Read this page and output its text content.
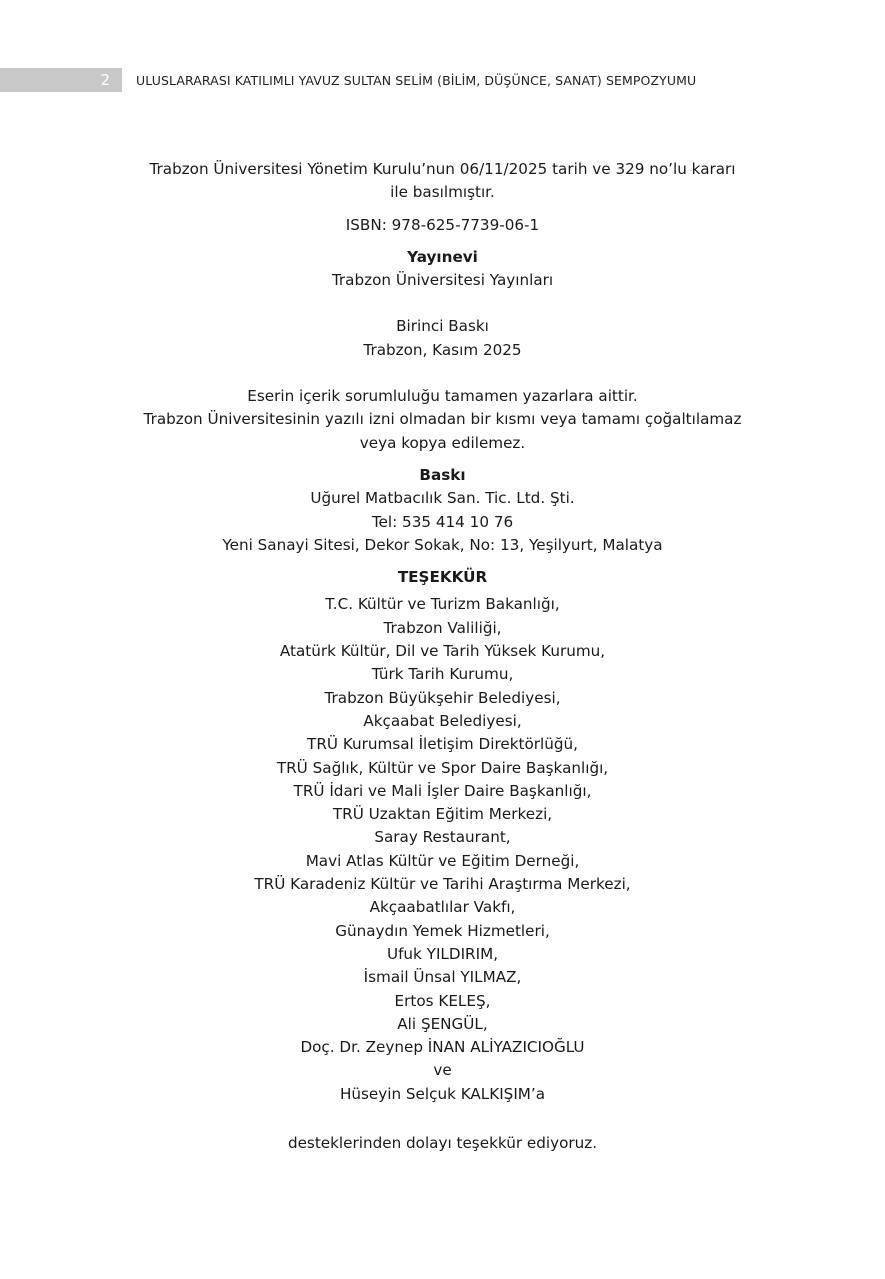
2 ULUSLARARASI KATILIMLI YAVUZ SULTAN SELİM (BİLİM, DÜŞÜNCE, SANAT) SEMPOZYUMU
Trabzon Üniversitesi Yönetim Kurulu’nun 06/11/2025 tarih ve 329 no’lu kararı
ile basılmıştır.
ISBN: 978-625-7739-06-1
Yayınevi
Trabzon Üniversitesi Yayınları
Birinci Baskı
Trabzon, Kasım 2025
Eserin içerik sorumluluğu tamamen yazarlara aittir.
Trabzon Üniversitesinin yazılı izni olmadan bir kısmı veya tamamı çoğaltılamaz
veya kopya edilemez.
Baskı
Uğurel Matbacılık San. Tic. Ltd. Şti.
Tel: 535 414 10 76
Yeni Sanayi Sitesi, Dekor Sokak, No: 13, Yeşilyurt, Malatya
TEŞEKKÜR
T.C. Kültür ve Turizm Bakanlığı,
Trabzon Valiliği,
Atatürk Kültür, Dil ve Tarih Yüksek Kurumu,
Türk Tarih Kurumu,
Trabzon Büyükşehir Belediyesi,
Akçaabat Belediyesi,
TRÜ Kurumsal İletişim Direktörlüğü,
TRÜ Sağlık, Kültür ve Spor Daire Başkanlığı,
TRÜ İdari ve Mali İşler Daire Başkanlığı,
TRÜ Uzaktan Eğitim Merkezi,
Saray Restaurant,
Mavi Atlas Kültür ve Eğitim Derneği,
TRÜ Karadeniz Kültür ve Tarihi Araştırma Merkezi,
Akçaabatlılar Vakfı,
Günaydın Yemek Hizmetleri,
Ufuk YILDIRIM,
İsmail Ünsal YILMAZ,
Ertos KELEŞ,
Ali ŞENGÜL,
Doç. Dr. Zeynep İNAN ALİYAZICIOĞLU
ve
Hüseyin Selçuk KALKIŞIM’a
desteklerinden dolayı teşekkür ediyoruz.
